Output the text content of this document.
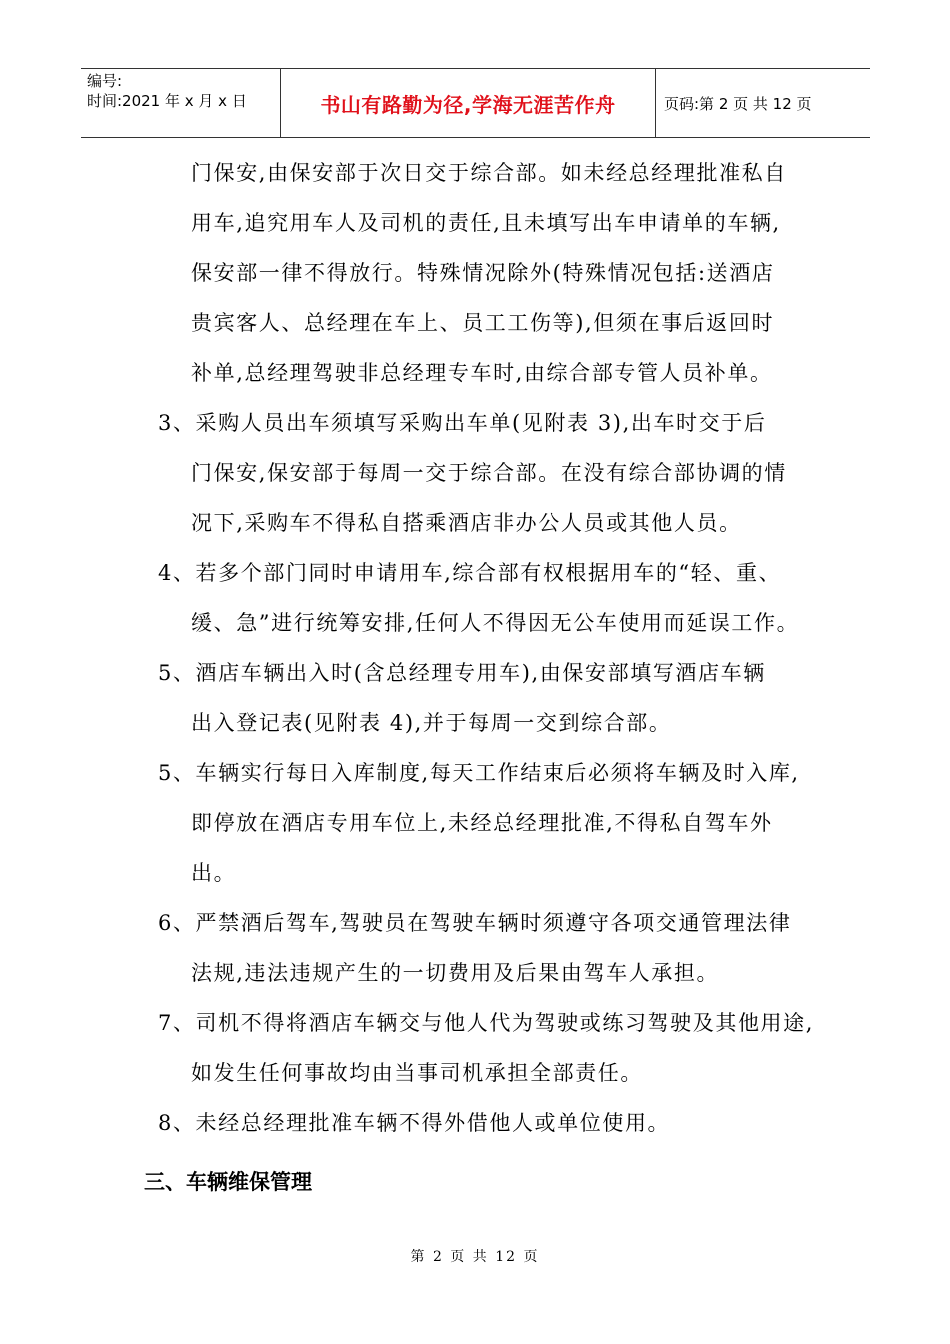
编号:
时间:2021 年 x 月 x 日	书山有路勤为径,学海无涯苦作舟	页码:第 2 页 共 12 页
门保安,由保安部于次日交于综合部。如未经总经理批准私自
用车,追究用车人及司机的责任,且未填写出车申请单的车辆,
保安部一律不得放行。特殊情况除外(特殊情况包括:送酒店
贵宾客人、总经理在车上、员工工伤等),但须在事后返回时
补单,总经理驾驶非总经理专车时,由综合部专管人员补单。
3、采购人员出车须填写采购出车单(见附表 3),出车时交于后
门保安,保安部于每周一交于综合部。在没有综合部协调的情
况下,采购车不得私自搭乘酒店非办公人员或其他人员。
4、若多个部门同时申请用车,综合部有权根据用车的“轻、重、
缓、急”进行统筹安排,任何人不得因无公车使用而延误工作。
5、酒店车辆出入时(含总经理专用车),由保安部填写酒店车辆
出入登记表(见附表 4),并于每周一交到综合部。
5、车辆实行每日入库制度,每天工作结束后必须将车辆及时入库,
即停放在酒店专用车位上,未经总经理批准,不得私自驾车外
出。
6、严禁酒后驾车,驾驶员在驾驶车辆时须遵守各项交通管理法律
法规,违法违规产生的一切费用及后果由驾车人承担。
7、司机不得将酒店车辆交与他人代为驾驶或练习驾驶及其他用途,
如发生任何事故均由当事司机承担全部责任。
8、未经总经理批准车辆不得外借他人或单位使用。
三、车辆维保管理
第 2 页 共 12 页
